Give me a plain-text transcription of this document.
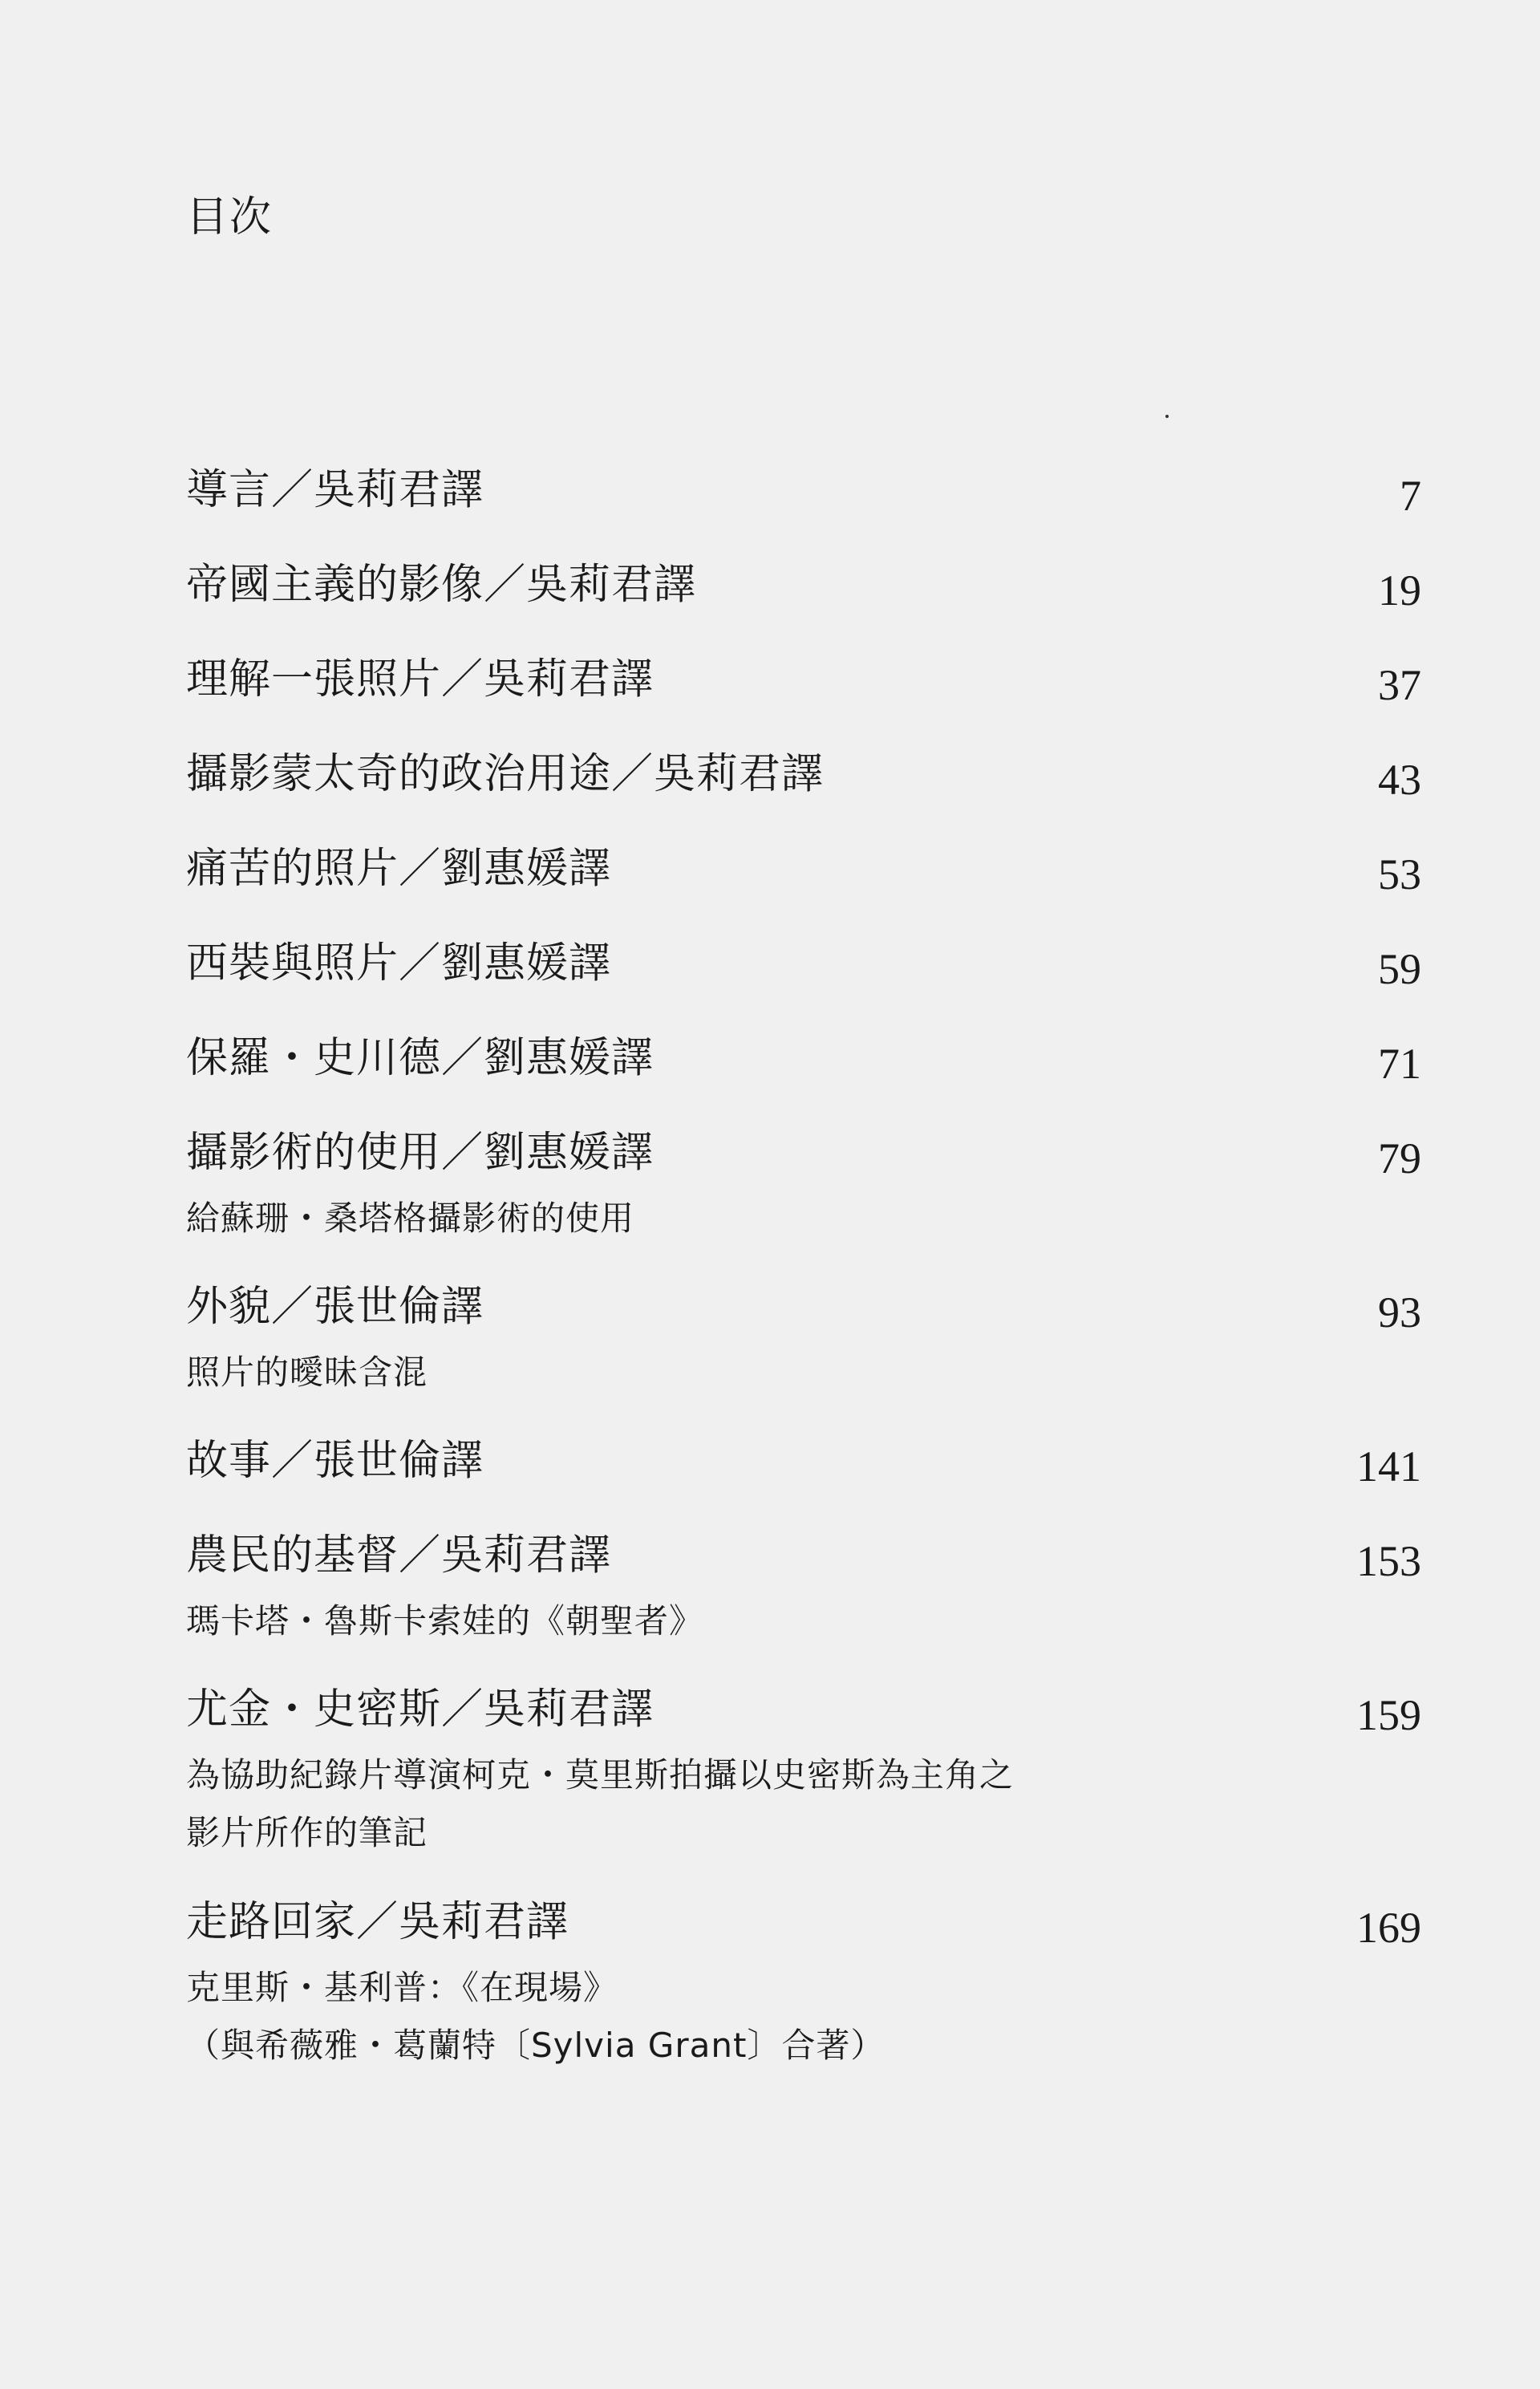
目次
導言／吳莉君譯	7
帝國主義的影像／吳莉君譯	19
理解一張照片／吳莉君譯	37
攝影蒙太奇的政治用途／吳莉君譯	43
痛苦的照片／劉惠媛譯	53
西裝與照片／劉惠媛譯	59
保羅・史川德／劉惠媛譯	71
攝影術的使用／劉惠媛譯	79
給蘇珊・桑塔格攝影術的使用
外貌／張世倫譯	93
照片的曖昧含混
故事／張世倫譯	141
農民的基督／吳莉君譯	153
瑪卡塔・魯斯卡索娃的《朝聖者》
尤金・史密斯／吳莉君譯	159
為協助紀錄片導演柯克・莫里斯拍攝以史密斯為主角之
影片所作的筆記
走路回家／吳莉君譯	169
克里斯・基利普：《在現場》
（與希薇雅・葛蘭特〔Sylvia Grant〕合著）
